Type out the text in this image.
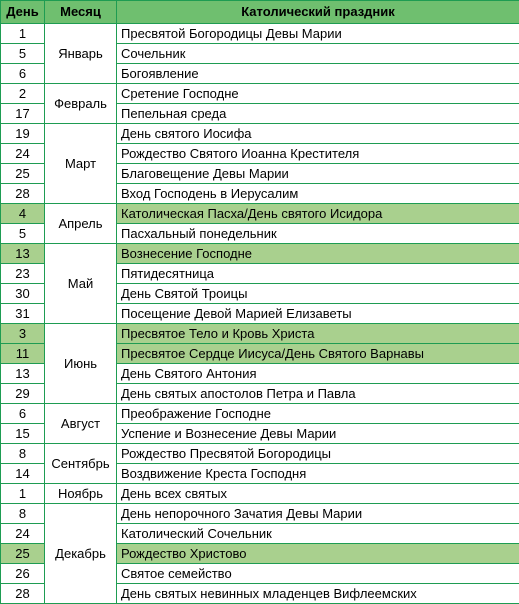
День	Месяц	Католический праздник
1	Январь	Пресвятой Богородицы Девы Марии
5		Сочельник
6		Богоявление
2	Февраль	Сретение Господне
17		Пепельная среда
19	Март	День святого Иосифа
24		Рождество Святого Иоанна Крестителя
25		Благовещение Девы Марии
28		Вход Господень в Иерусалим
4	Апрель	Католическая Пасха/День святого Исидора
5		Пасхальный понедельник
13	Май	Вознесение Господне
23		Пятидесятница
30		День Святой Троицы
31		Посещение Девой Марией Елизаветы
3	Июнь	Пресвятое Тело и Кровь Христа
11		Пресвятое Сердце Иисуса/День Святого Варнавы
13		День Святого Антония
29		День святых апостолов Петра и Павла
6	Август	Преображение Господне
15		Успение и Вознесение Девы Марии
8	Сентябрь	Рождество Пресвятой Богородицы
14		Воздвижение Креста Господня
1	Ноябрь	День всех святых
8	Декабрь	День непорочного Зачатия Девы Марии
24		Католический Сочельник
25		Рождество Христово
26		Святое семейство
28		День святых невинных младенцев Вифлеемских
